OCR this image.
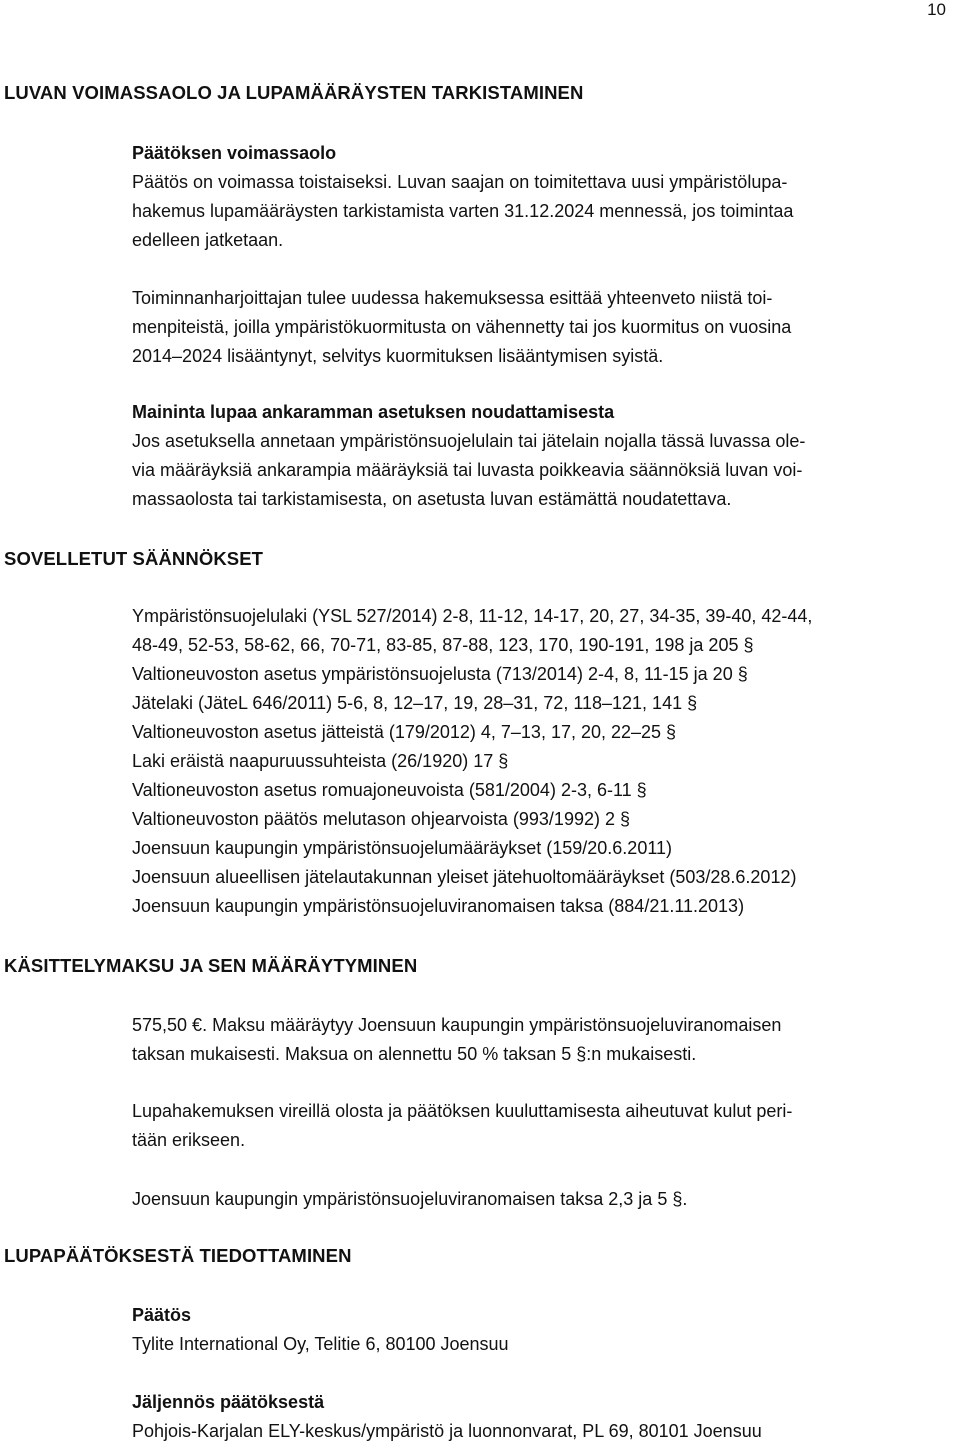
10
LUVAN VOIMASSAOLO JA LUPAMÄÄRÄYSTEN TARKISTAMINEN
Päätöksen voimassaolo
Päätös on voimassa toistaiseksi. Luvan saajan on toimitettava uusi ympäristölupa-
hakemus lupamääräysten tarkistamista varten 31.12.2024 mennessä, jos toimintaa
edelleen jatketaan.
Toiminnanharjoittajan tulee uudessa hakemuksessa esittää yhteenveto niistä toi-
menpiteistä, joilla ympäristökuormitusta on vähennetty tai jos kuormitus on vuosina
2014–2024 lisääntynyt, selvitys kuormituksen lisääntymisen syistä.
Maininta lupaa ankaramman asetuksen noudattamisesta
Jos asetuksella annetaan ympäristönsuojelulain tai jätelain nojalla tässä luvassa ole-
via määräyksiä ankarampia määräyksiä tai luvasta poikkeavia säännöksiä luvan voi-
massaolosta tai tarkistamisesta, on asetusta luvan estämättä noudatettava.
SOVELLETUT SÄÄNNÖKSET
Ympäristönsuojelulaki (YSL 527/2014) 2-8, 11-12, 14-17, 20, 27, 34-35, 39-40, 42-44,
48-49, 52-53, 58-62, 66, 70-71, 83-85, 87-88, 123, 170, 190-191, 198 ja 205 §
Valtioneuvoston asetus ympäristönsuojelusta (713/2014) 2-4, 8, 11-15 ja 20 §
Jätelaki (JäteL 646/2011) 5-6, 8, 12–17, 19, 28–31, 72, 118–121, 141 §
Valtioneuvoston asetus jätteistä (179/2012) 4, 7–13, 17, 20, 22–25 §
Laki eräistä naapuruussuhteista (26/1920) 17 §
Valtioneuvoston asetus romuajoneuvoista (581/2004) 2-3, 6-11 §
Valtioneuvoston päätös melutason ohjearvoista (993/1992) 2 §
Joensuun kaupungin ympäristönsuojelumääräykset (159/20.6.2011)
Joensuun alueellisen jätelautakunnan yleiset jätehuoltomääräykset (503/28.6.2012)
Joensuun kaupungin ympäristönsuojeluviranomaisen taksa (884/21.11.2013)
KÄSITTELYMAKSU JA SEN MÄÄRÄYTYMINEN
575,50 €. Maksu määräytyy Joensuun kaupungin ympäristönsuojeluviranomaisen
taksan mukaisesti. Maksua on alennettu 50 % taksan 5 §:n mukaisesti.
Lupahakemuksen vireillä olosta ja päätöksen kuuluttamisesta aiheutuvat kulut peri-
tään erikseen.
Joensuun kaupungin ympäristönsuojeluviranomaisen taksa 2,3 ja 5 §.
LUPAPÄÄTÖKSESTÄ TIEDOTTAMINEN
Päätös
Tylite International Oy, Telitie 6, 80100 Joensuu
Jäljennös päätöksestä
Pohjois-Karjalan ELY-keskus/ympäristö ja luonnonvarat, PL 69, 80101 Joensuu
